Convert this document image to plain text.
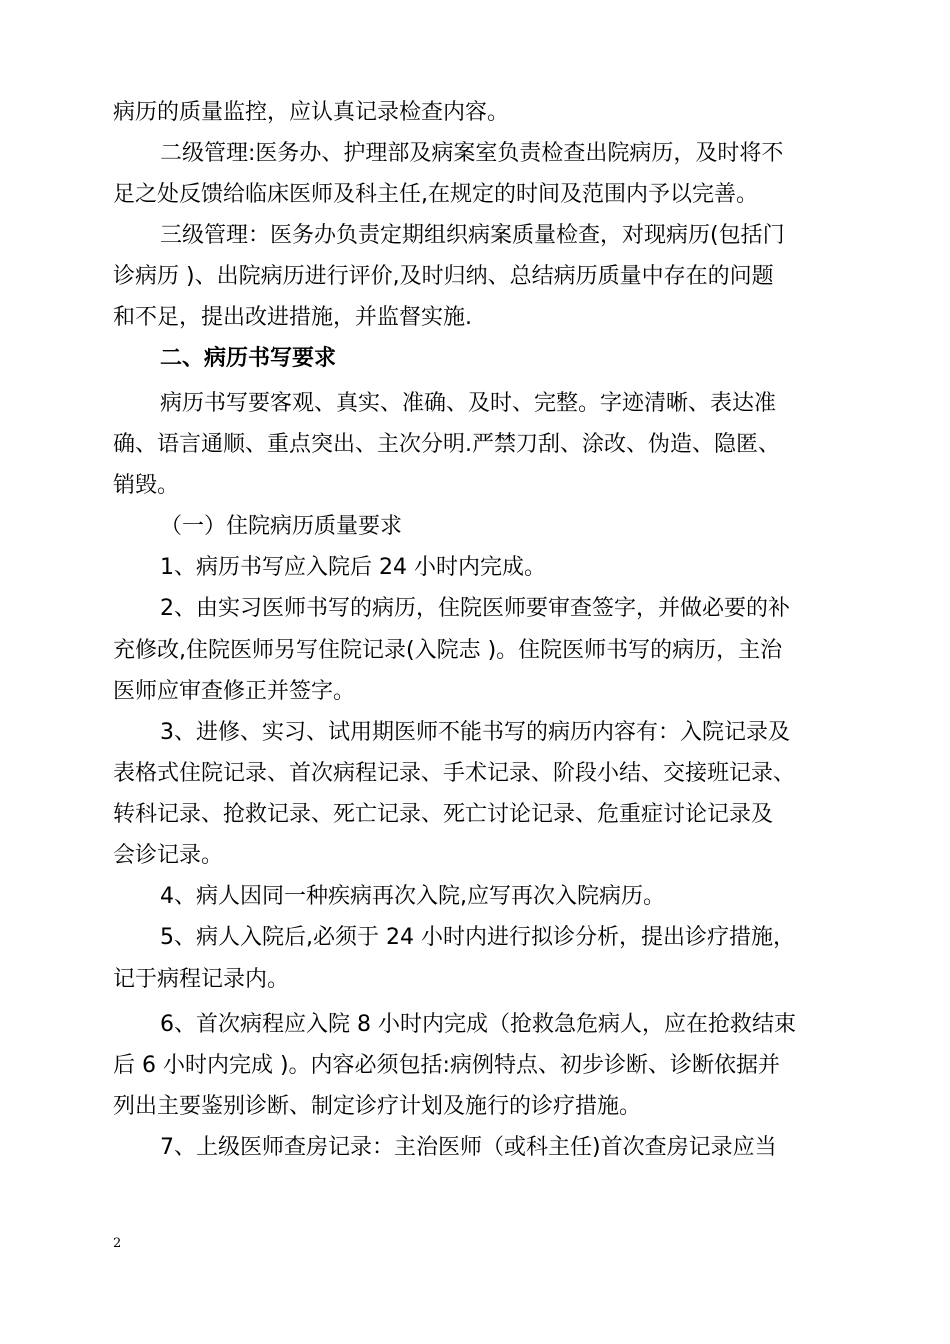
病历的质量监控，应认真记录检查内容。
二级管理:医务办、护理部及病案室负责检查出院病历，及时将不
足之处反馈给临床医师及科主任,在规定的时间及范围内予以完善。
三级管理：医务办负责定期组织病案质量检查，对现病历(包括门
诊病历 )、出院病历进行评价,及时归纳、总结病历质量中存在的问题
和不足，提出改进措施，并监督实施.
二、病历书写要求
病历书写要客观、真实、准确、及时、完整。字迹清晰、表达准
确、语言通顺、重点突出、主次分明.严禁刀刮、涂改、伪造、隐匿、
销毁。
（一）住院病历质量要求
1、病历书写应入院后 24 小时内完成。
2、由实习医师书写的病历，住院医师要审查签字，并做必要的补
充修改,住院医师另写住院记录(入院志 )。住院医师书写的病历，主治
医师应审查修正并签字。
3、进修、实习、试用期医师不能书写的病历内容有：入院记录及
表格式住院记录、首次病程记录、手术记录、阶段小结、交接班记录、
转科记录、抢救记录、死亡记录、死亡讨论记录、危重症讨论记录及
会诊记录。
4、病人因同一种疾病再次入院,应写再次入院病历。
5、病人入院后,必须于 24 小时内进行拟诊分析，提出诊疗措施，
记于病程记录内。
6、首次病程应入院 8 小时内完成（抢救急危病人，应在抢救结束
后 6 小时内完成 )。内容必须包括:病例特点、初步诊断、诊断依据并
列出主要鉴别诊断、制定诊疗计划及施行的诊疗措施。
7、上级医师查房记录：主治医师（或科主任)首次查房记录应当
2
